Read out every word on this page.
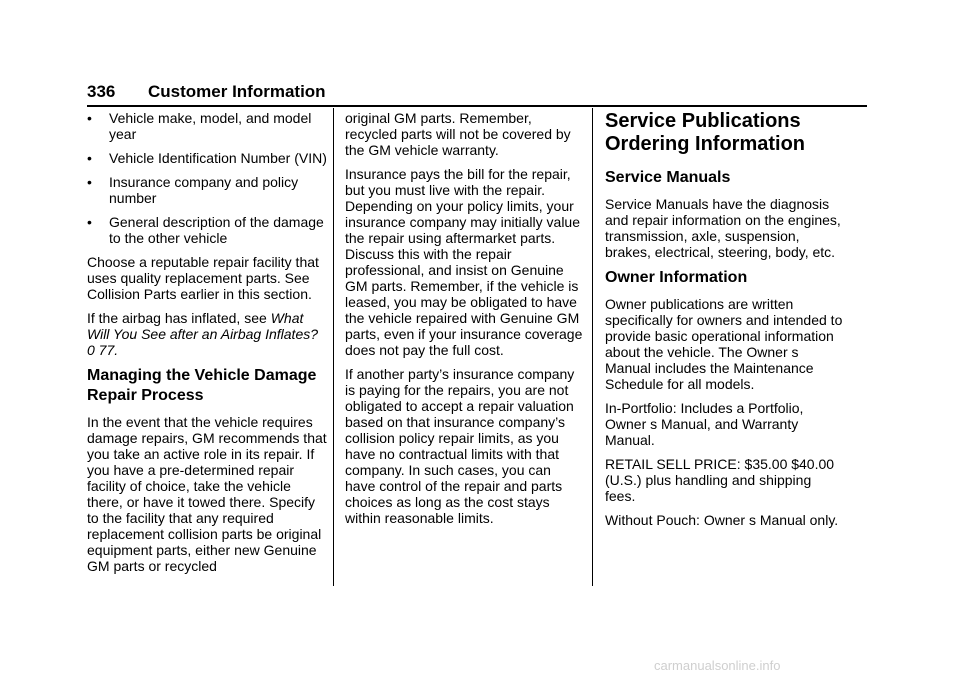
336 Customer Information
• Vehicle make, model, and model year
• Vehicle Identification Number (VIN)
• Insurance company and policy number
• General description of the damage to the other vehicle

Choose a reputable repair facility that uses quality replacement parts. See Collision Parts earlier in this section.

If the airbag has inflated, see What Will You See after an Airbag Inflates? 0 77.

Managing the Vehicle Damage Repair Process

In the event that the vehicle requires damage repairs, GM recommends that you take an active role in its repair. If you have a pre-determined repair facility of choice, take the vehicle there, or have it towed there. Specify to the facility that any required replacement collision parts be original equipment parts, either new Genuine GM parts or recycled

original GM parts. Remember, recycled parts will not be covered by the GM vehicle warranty.

Insurance pays the bill for the repair, but you must live with the repair. Depending on your policy limits, your insurance company may initially value the repair using aftermarket parts. Discuss this with the repair professional, and insist on Genuine GM parts. Remember, if the vehicle is leased, you may be obligated to have the vehicle repaired with Genuine GM parts, even if your insurance coverage does not pay the full cost.

If another party’s insurance company is paying for the repairs, you are not obligated to accept a repair valuation based on that insurance company’s collision policy repair limits, as you have no contractual limits with that company. In such cases, you can have control of the repair and parts choices as long as the cost stays within reasonable limits.

Service Publications Ordering Information
Service Manuals

Service Manuals have the diagnosis and repair information on the engines, transmission, axle, suspension, brakes, electrical, steering, body, etc.

Owner Information

Owner publications are written specifically for owners and intended to provide basic operational information about the vehicle. The Owner s Manual includes the Maintenance Schedule for all models.

In-Portfolio: Includes a Portfolio, Owner s Manual, and Warranty Manual.

RETAIL SELL PRICE: $35.00 $40.00 (U.S.) plus handling and shipping fees.

Without Pouch: Owner s Manual only.

carmanualsonline.info
